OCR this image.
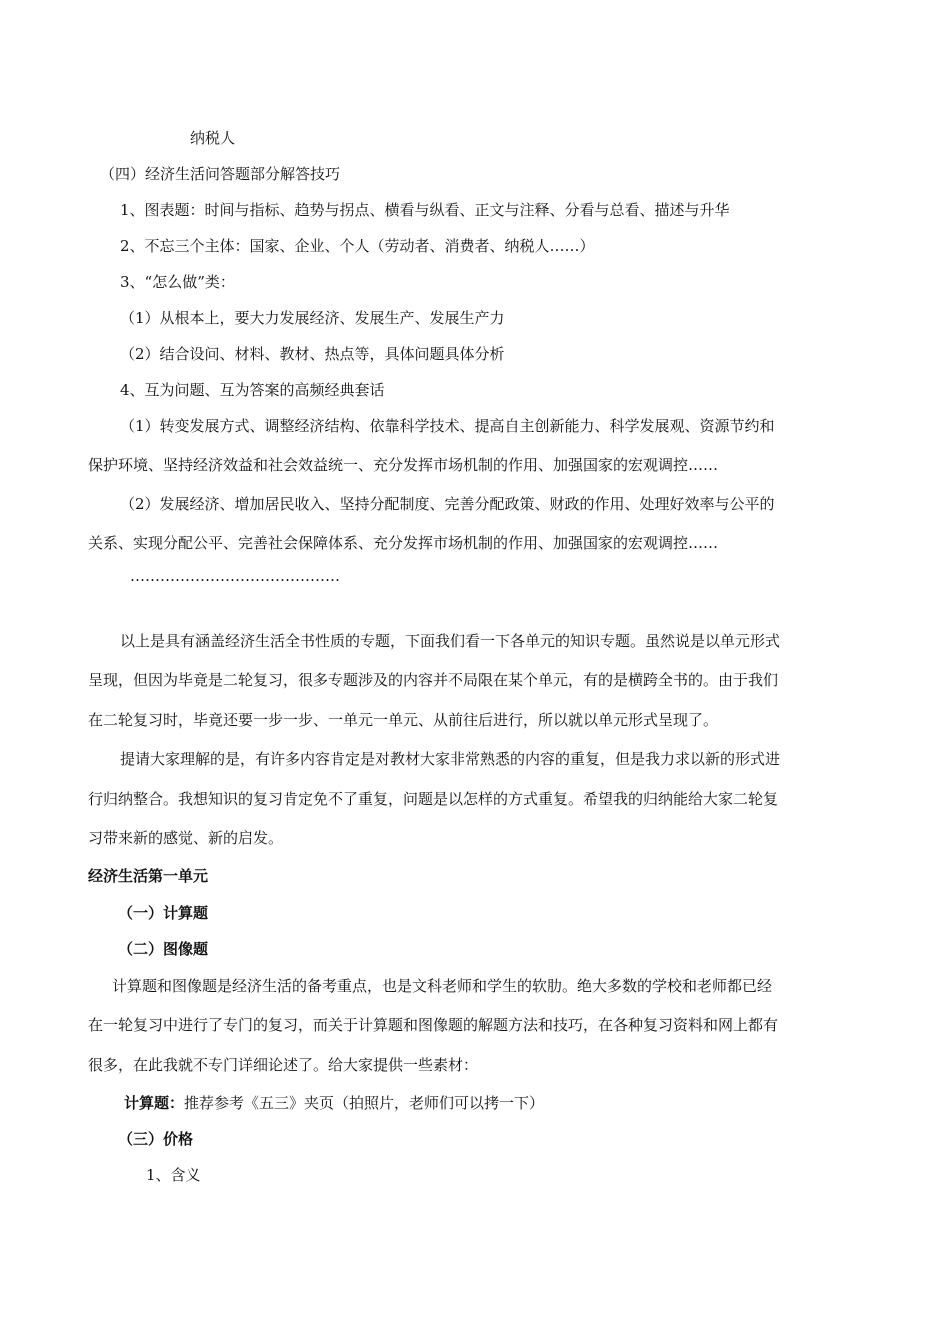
纳税人

（四）经济生活问答题部分解答技巧

1、图表题：时间与指标、趋势与拐点、横看与纵看、正文与注释、分看与总看、描述与升华

2、不忘三个主体：国家、企业、个人（劳动者、消费者、纳税人……）

3、“怎么做”类：

（1）从根本上，要大力发展经济、发展生产、发展生产力

（2）结合设问、材料、教材、热点等，具体问题具体分析

4、互为问题、互为答案的高频经典套话

（1）转变发展方式、调整经济结构、依靠科学技术、提高自主创新能力、科学发展观、资源节约和

保护环境、坚持经济效益和社会效益统一、充分发挥市场机制的作用、加强国家的宏观调控……

（2）发展经济、增加居民收入、坚持分配制度、完善分配政策、财政的作用、处理好效率与公平的

关系、实现分配公平、完善社会保障体系、充分发挥市场机制的作用、加强国家的宏观调控……

……………………………………

以上是具有涵盖经济生活全书性质的专题，下面我们看一下各单元的知识专题。虽然说是以单元形式

呈现，但因为毕竟是二轮复习，很多专题涉及的内容并不局限在某个单元，有的是横跨全书的。由于我们

在二轮复习时，毕竟还要一步一步、一单元一单元、从前往后进行，所以就以单元形式呈现了。

提请大家理解的是，有许多内容肯定是对教材大家非常熟悉的内容的重复，但是我力求以新的形式进

行归纳整合。我想知识的复习肯定免不了重复，问题是以怎样的方式重复。希望我的归纳能给大家二轮复

习带来新的感觉、新的启发。

经济生活第一单元

（一）计算题

（二）图像题

计算题和图像题是经济生活的备考重点，也是文科老师和学生的软肋。绝大多数的学校和老师都已经

在一轮复习中进行了专门的复习，而关于计算题和图像题的解题方法和技巧，在各种复习资料和网上都有

很多，在此我就不专门详细论述了。给大家提供一些素材：

计算题：推荐参考《五三》夹页（拍照片，老师们可以拷一下）

（三）价格

1、含义
